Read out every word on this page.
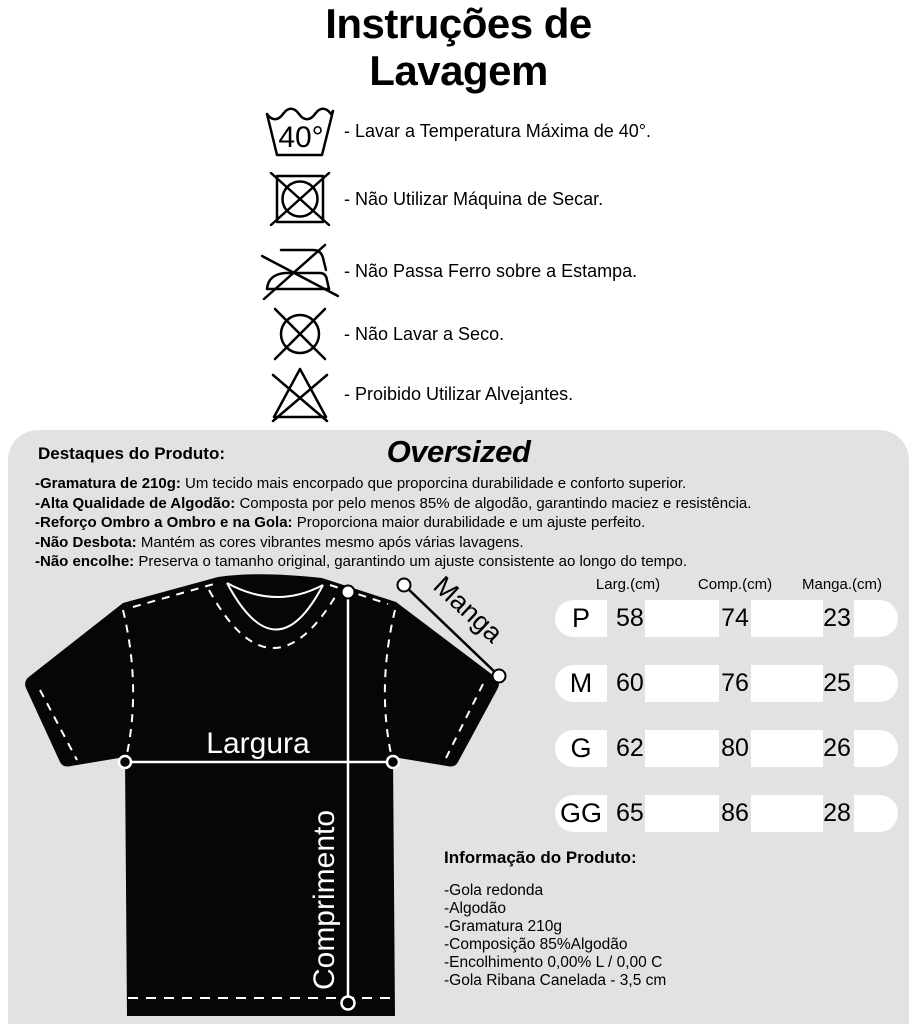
Instruções de
Lavagem
40° - Lavar a Temperatura Máxima de 40°.
- Não Utilizar Máquina de Secar.
- Não Passa Ferro sobre a Estampa.
- Não Lavar a Seco.
- Proibido Utilizar Alvejantes.
Destaques do Produto:	Oversized
-Gramatura de 210g: Um tecido mais encorpado que proporcina durabilidade e conforto superior.
-Alta Qualidade de Algodão: Composta por pelo menos 85% de algodão, garantindo maciez e resistência.
-Reforço Ombro a Ombro e na Gola: Proporciona maior durabilidade e um ajuste perfeito.
-Não Desbota: Mantém as cores vibrantes mesmo após várias lavagens.
-Não encolhe: Preserva o tamanho original, garantindo um ajuste consistente ao longo do tempo.
Larg.(cm)	Comp.(cm)	Manga.(cm)
P	58	74	23
M 60	76	25
G 62	80	26
GG 65	86	28
Informação do Produto:
-Gola redonda
-Algodão
-Gramatura 210g
-Composição 85%Algodão
-Encolhimento 0,00% L / 0,00 C
-Gola Ribana Canelada - 3,5 cm
Largura
Comprimento
Manga
